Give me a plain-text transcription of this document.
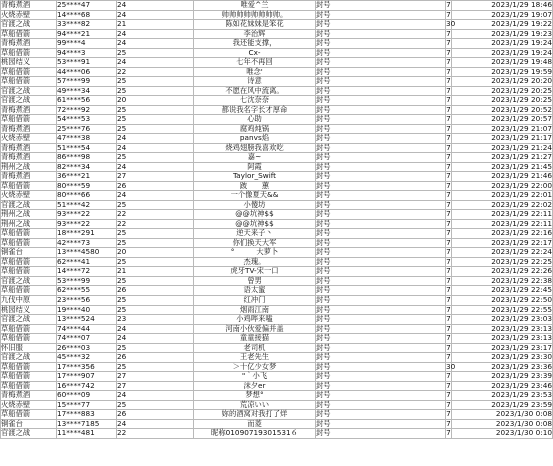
青梅煮酒	25****47	24	唯爱^兰	封号	7	2023/1/29 18:46
火烧赤壁	14****68	24	帅帅帅帅帅帅帅帅。	封号	7	2023/1/29 19:07
官渡之战	33****82	21	陈如花妹妹是笨花	封号	30	2023/1/29 19:22
草船借箭	94****21	24	李治辉	封号	7	2023/1/29 19:23
青梅煮酒	99****4	24	我还能支撑，	封号	7	2023/1/29 19:24
草船借箭	94****3	25	Cx-	封号	7	2023/1/29 19:24
桃园结义	53****91	24	七年不再回	封号	7	2023/1/29 19:48
草船借箭	44****06	22	唯念'	封号	7	2023/1/29 19:59
草船借箭	57****99	25	诗意	封号	7	2023/1/29 20:20
官渡之战	49****34	25	不愿在风中流离。	封号	7	2023/1/29 20:25
官渡之战	61****56	20	七沈奈奈	封号	7	2023/1/29 20:25
青梅煮酒	72****92	25	都说我名字长才厚命	封号	7	2023/1/29 20:52
草船借箭	54****53	25	心助	封号	7	2023/1/29 20:57
青梅煮酒	25****76	25	腐鸡炖锅	封号	7	2023/1/29 21:07
火烧赤壁	47****38	24	panvs焰	封号	7	2023/1/29 21:17
青梅煮酒	51****54	24	烧鸡翅膀我喜欢吃	封号	7	2023/1/29 21:24
青梅煮酒	86****98	25	嘉~	封号	7	2023/1/29 21:27
荆州之战	82****34	24	阿霞	封号	7	2023/1/29 21:45
青梅煮酒	36****21	27	Taylor_Swift	封号	7	2023/1/29 21:46
草船借箭	80****59	26	跛　　蕙	封号	7	2023/1/29 22:00
火烧赤壁	80****66	24	一个像夏天&&	封号	7	2023/1/29 22:01
官渡之战	51****42	25	小傻坊	封号	7	2023/1/29 22:02
荆州之战	93****22	22	@@坑神$$	封号	7	2023/1/29 22:11
荆州之战	93****22	22	@@坑神$$	封号	7	2023/1/29 22:11
草船借箭	18****291	25	逆天来子丶	封号	7	2023/1/29 22:16
草船借箭	42****73	25	你们换天大军	封号	7	2023/1/29 22:17
铜雀台	13****4580	20	°　　　大萝卜	封号	7	2023/1/29 22:24
草船借箭	62****41	25	杰瑰。	封号	7	2023/1/29 22:25
草船借箭	14****72	21	虎牙TV-宋一口	封号	7	2023/1/29 22:26
官渡之战	53****99	25	曾男	封号	7	2023/1/29 22:38
草船借箭	62****55	26	语太蜜	封号	7	2023/1/29 22:45
九伐中原	23****56	25	红冲门	封号	7	2023/1/29 22:50
桃园结义	19****40	25	烟雨江南	封号	7	2023/1/29 22:55
官渡之战	13****524	23	小鸡哔来嗑	封号	7	2023/1/29 23:03
草船借箭	74****44	24	河南小伙爱偏并盖	封号	7	2023/1/29 23:13
草船借箭	74****07	24	童童接猫	封号	7	2023/1/29 23:13
怀旧服	26****03	25	老司机	封号	7	2023/1/29 23:17
官渡之战	45****32	26	王老先生	封号	7	2023/1/29 23:30
草船借箭	17****356	25	＞十亿少女梦	封号	30	2023/1/29 23:36
草船借箭	17****907	27	"｀小飞	封号	7	2023/1/29 23:39
草船借箭	16****742	27	沫夕er	封号	7	2023/1/29 23:46
青梅煮酒	60****09	24	梦想°	封号	7	2023/1/29 23:53
火烧赤壁	15****77	25	荒凉いい	封号	7	2023/1/29 23:59
草船借箭	17****883	26	妳的酒窝对我打了烊	封号	7	2023/1/30 0:08
铜雀台	13****7185	24	而菱	封号	7	2023/1/30 0:08
官渡之战	11****481	22	昵称01090719301531６	封号	7	2023/1/30 0:10
